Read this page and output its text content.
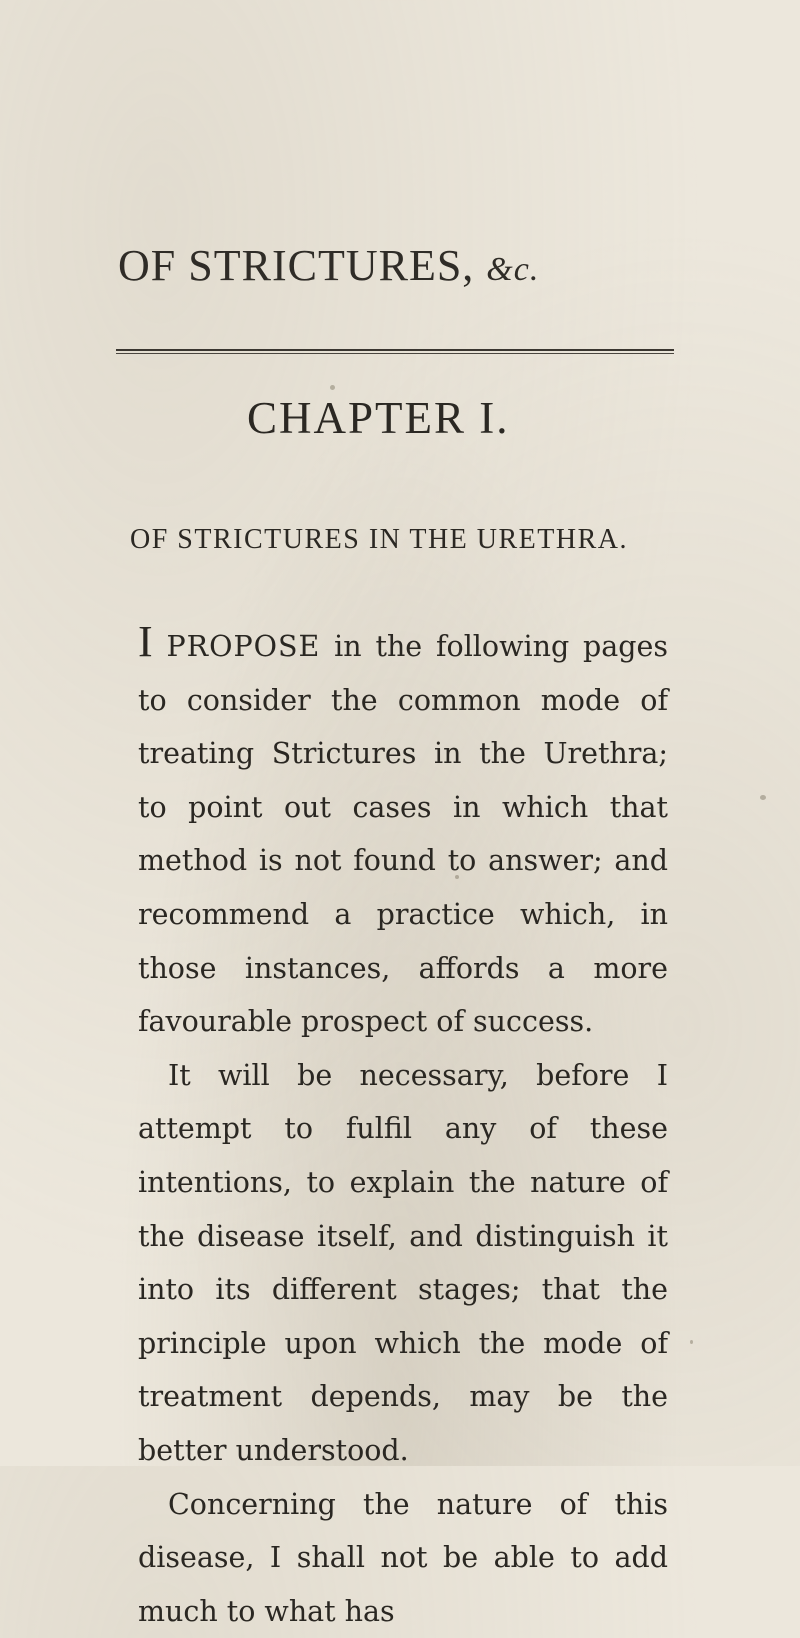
OF STRICTURES, &c.
CHAPTER I.
OF STRICTURES IN THE URETHRA.

I PROPOSE in the following pages to consider the common mode of treating Strictures in the Urethra; to point out cases in which that method is not found to answer; and recommend a practice which, in those instances, affords a more favourable prospect of success.

It will be necessary, before I attempt to fulfil any of these intentions, to explain the nature of the disease itself, and distinguish it into its different stages; that the principle upon which the mode of treatment depends, may be the better understood.

Concerning the nature of this disease, I shall not be able to add much to what has
